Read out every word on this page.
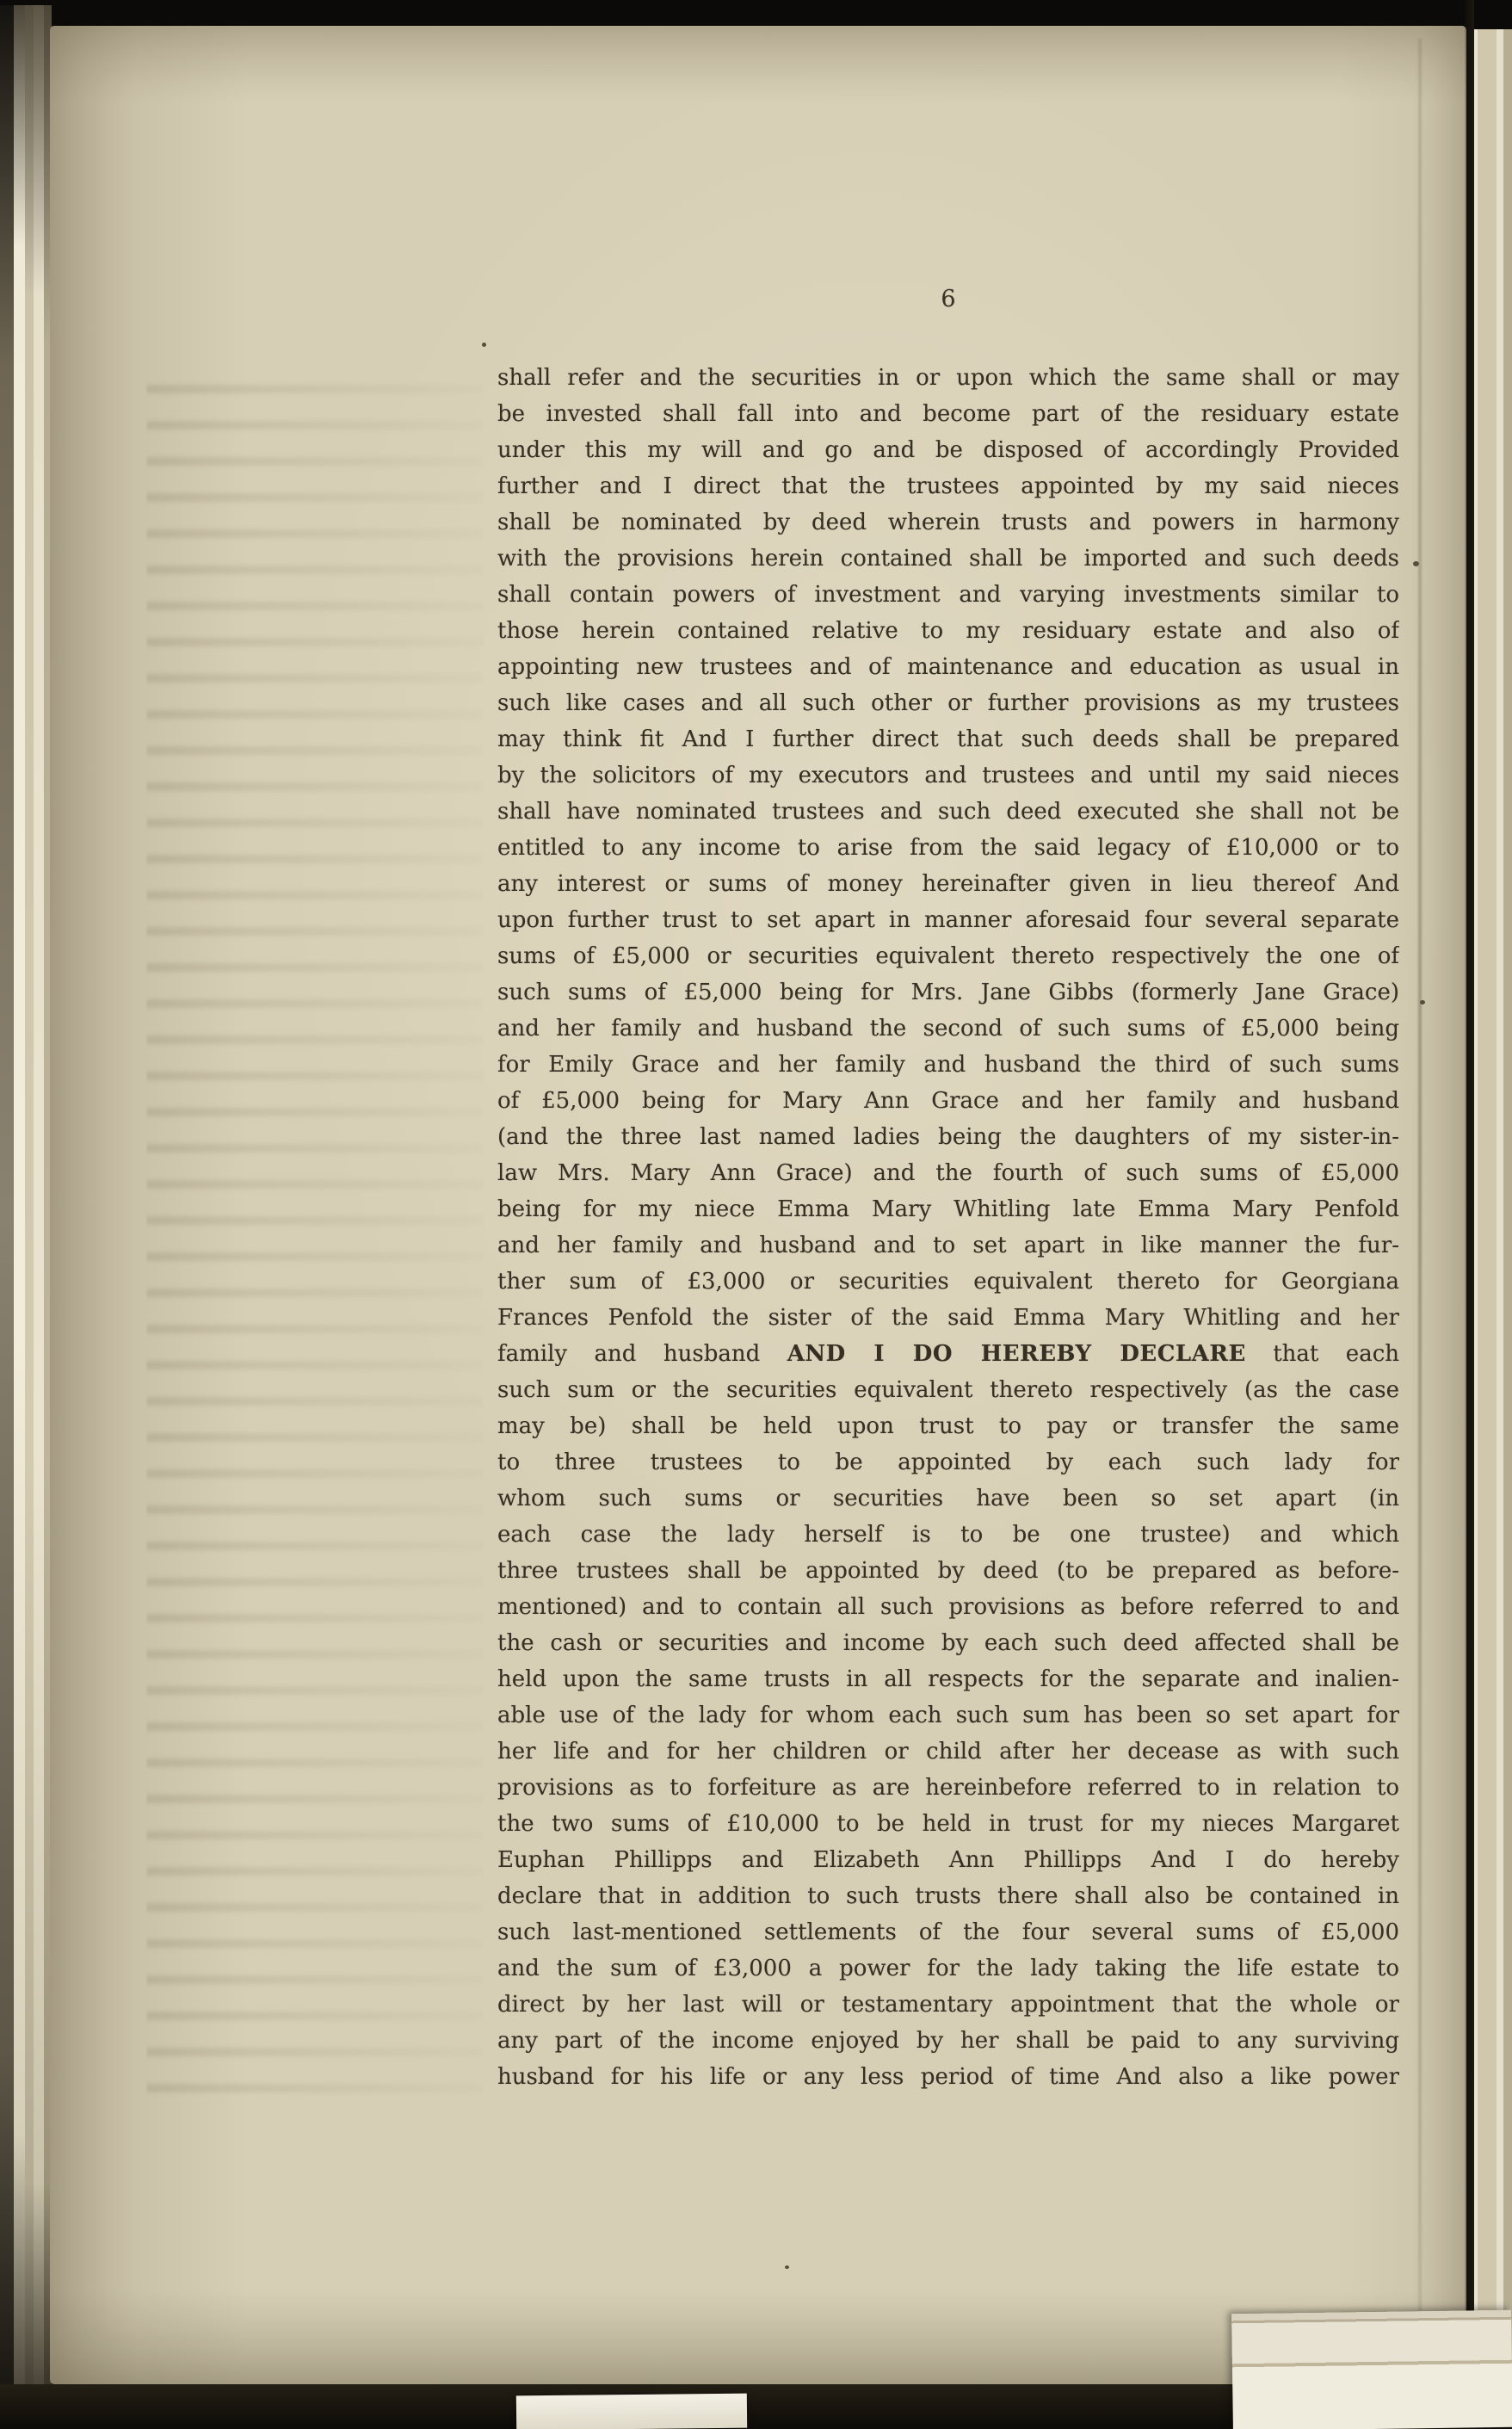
6
shall refer and the securities in or upon which the same shall or may
be invested shall fall into and become part of the residuary estate
under this my will and go and be disposed of accordingly Provided
further and I direct that the trustees appointed by my said nieces
shall be nominated by deed wherein trusts and powers in harmony
with the provisions herein contained shall be imported and such deeds
shall contain powers of investment and varying investments similar to
those herein contained relative to my residuary estate and also of
appointing new trustees and of maintenance and education as usual in
such like cases and all such other or further provisions as my trustees
may think fit And I further direct that such deeds shall be prepared
by the solicitors of my executors and trustees and until my said nieces
shall have nominated trustees and such deed executed she shall not be
entitled to any income to arise from the said legacy of £10,000 or to
any interest or sums of money hereinafter given in lieu thereof And
upon further trust to set apart in manner aforesaid four several separate
sums of £5,000 or securities equivalent thereto respectively the one of
such sums of £5,000 being for Mrs. Jane Gibbs (formerly Jane Grace)
and her family and husband the second of such sums of £5,000 being
for Emily Grace and her family and husband the third of such sums
of £5,000 being for Mary Ann Grace and her family and husband
(and the three last named ladies being the daughters of my sister-in-
law Mrs. Mary Ann Grace) and the fourth of such sums of £5,000
being for my niece Emma Mary Whitling late Emma Mary Penfold
and her family and husband and to set apart in like manner the fur-
ther sum of £3,000 or securities equivalent thereto for Georgiana
Frances Penfold the sister of the said Emma Mary Whitling and her
family and husband AND I DO HEREBY DECLARE that each
such sum or the securities equivalent thereto respectively (as the case
may be) shall be held upon trust to pay or transfer the same
to three trustees to be appointed by each such lady for
whom such sums or securities have been so set apart (in
each case the lady herself is to be one trustee) and which
three trustees shall be appointed by deed (to be prepared as before-
mentioned) and to contain all such provisions as before referred to and
the cash or securities and income by each such deed affected shall be
held upon the same trusts in all respects for the separate and inalien-
able use of the lady for whom each such sum has been so set apart for
her life and for her children or child after her decease as with such
provisions as to forfeiture as are hereinbefore referred to in relation to
the two sums of £10,000 to be held in trust for my nieces Margaret
Euphan Phillipps and Elizabeth Ann Phillipps And I do hereby
declare that in addition to such trusts there shall also be contained in
such last-mentioned settlements of the four several sums of £5,000
and the sum of £3,000 a power for the lady taking the life estate to
direct by her last will or testamentary appointment that the whole or
any part of the income enjoyed by her shall be paid to any surviving
husband for his life or any less period of time And also a like power
